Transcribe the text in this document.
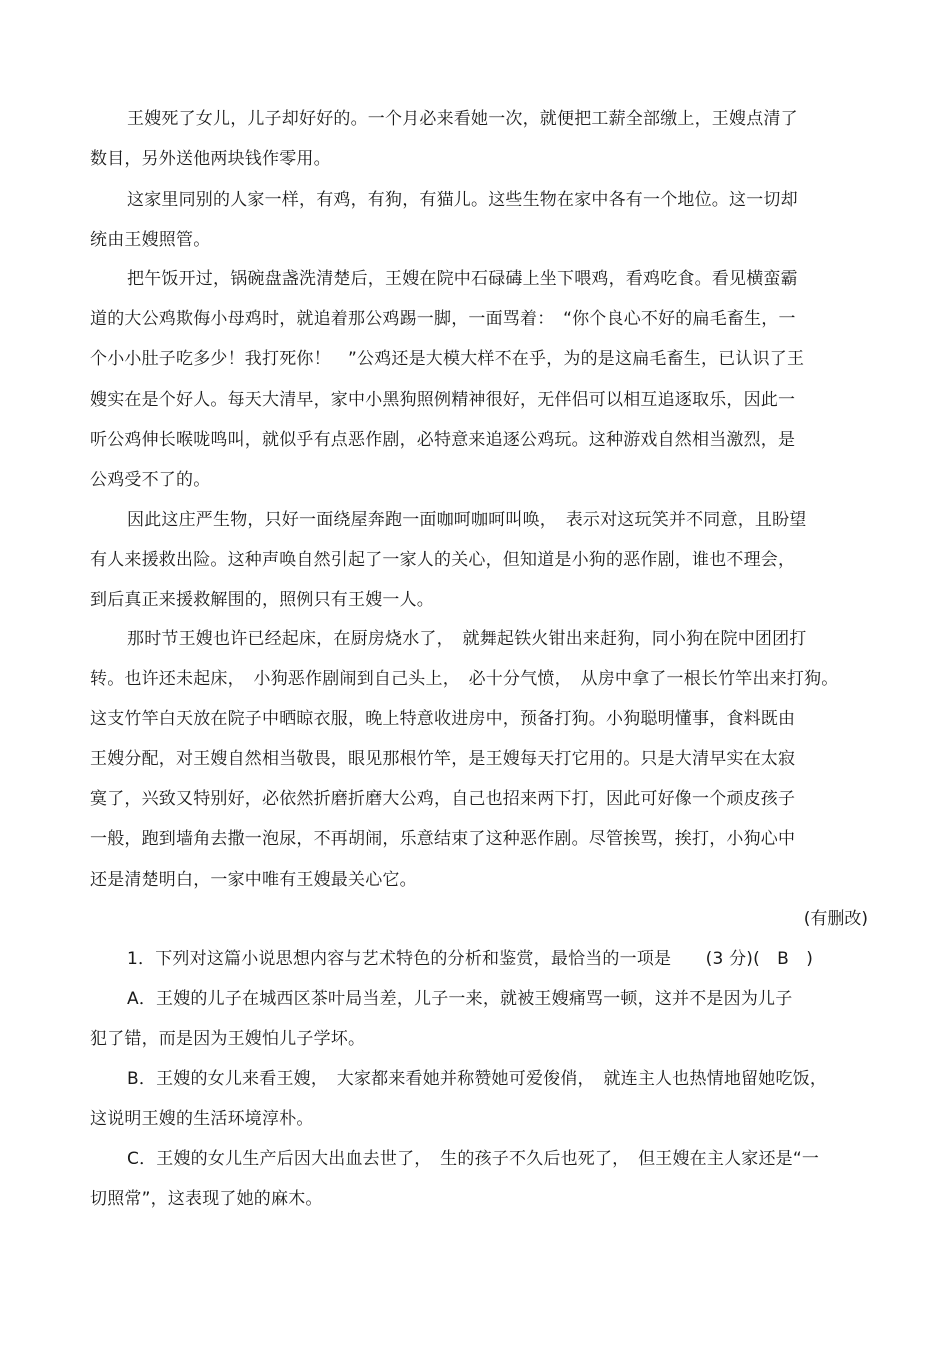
王嫂死了女儿，儿子却好好的。一个月必来看她一次，就便把工薪全部缴上，王嫂点清了
数目，另外送他两块钱作零用。
这家里同别的人家一样，有鸡，有狗，有猫儿。这些生物在家中各有一个地位。这一切却
统由王嫂照管。
把午饭开过，锅碗盘盏洗清楚后，王嫂在院中石碌碡上坐下喂鸡，看鸡吃食。看见横蛮霸
道的大公鸡欺侮小母鸡时，就追着那公鸡踢一脚，一面骂着：　“你个良心不好的扁毛畜生，一
个小小肚子吃多少！我打死你！　”公鸡还是大模大样不在乎，为的是这扁毛畜生，已认识了王
嫂实在是个好人。每天大清早，家中小黑狗照例精神很好，无伴侣可以相互追逐取乐，因此一
听公鸡伸长喉咙鸣叫，就似乎有点恶作剧，必特意来追逐公鸡玩。这种游戏自然相当激烈，是
公鸡受不了的。
因此这庄严生物，只好一面绕屋奔跑一面咖呵咖呵叫唤，　表示对这玩笑并不同意，且盼望
有人来援救出险。这种声唤自然引起了一家人的关心，但知道是小狗的恶作剧，谁也不理会，
到后真正来援救解围的，照例只有王嫂一人。
那时节王嫂也许已经起床，在厨房烧水了，　就舞起铁火钳出来赶狗，同小狗在院中团团打
转。也许还未起床，　小狗恶作剧闹到自己头上，　必十分气愤，　从房中拿了一根长竹竿出来打狗。
这支竹竿白天放在院子中晒晾衣服，晚上特意收进房中，预备打狗。小狗聪明懂事，食料既由
王嫂分配，对王嫂自然相当敬畏，眼见那根竹竿，是王嫂每天打它用的。只是大清早实在太寂
寞了，兴致又特别好，必依然折磨折磨大公鸡，自己也招来两下打，因此可好像一个顽皮孩子
一般，跑到墙角去撒一泡尿，不再胡闹，乐意结束了这种恶作剧。尽管挨骂，挨打，小狗心中
还是清楚明白，一家中唯有王嫂最关心它。
(有删改)
1．下列对这篇小说思想内容与艺术特色的分析和鉴赏，最恰当的一项是　　(3 分)(　B　)
A．王嫂的儿子在城西区茶叶局当差，儿子一来，就被王嫂痛骂一顿，这并不是因为儿子
犯了错，而是因为王嫂怕儿子学坏。
B．王嫂的女儿来看王嫂，　大家都来看她并称赞她可爱俊俏，　就连主人也热情地留她吃饭，
这说明王嫂的生活环境淳朴。
C．王嫂的女儿生产后因大出血去世了，　生的孩子不久后也死了，　但王嫂在主人家还是“一
切照常”，这表现了她的麻木。
